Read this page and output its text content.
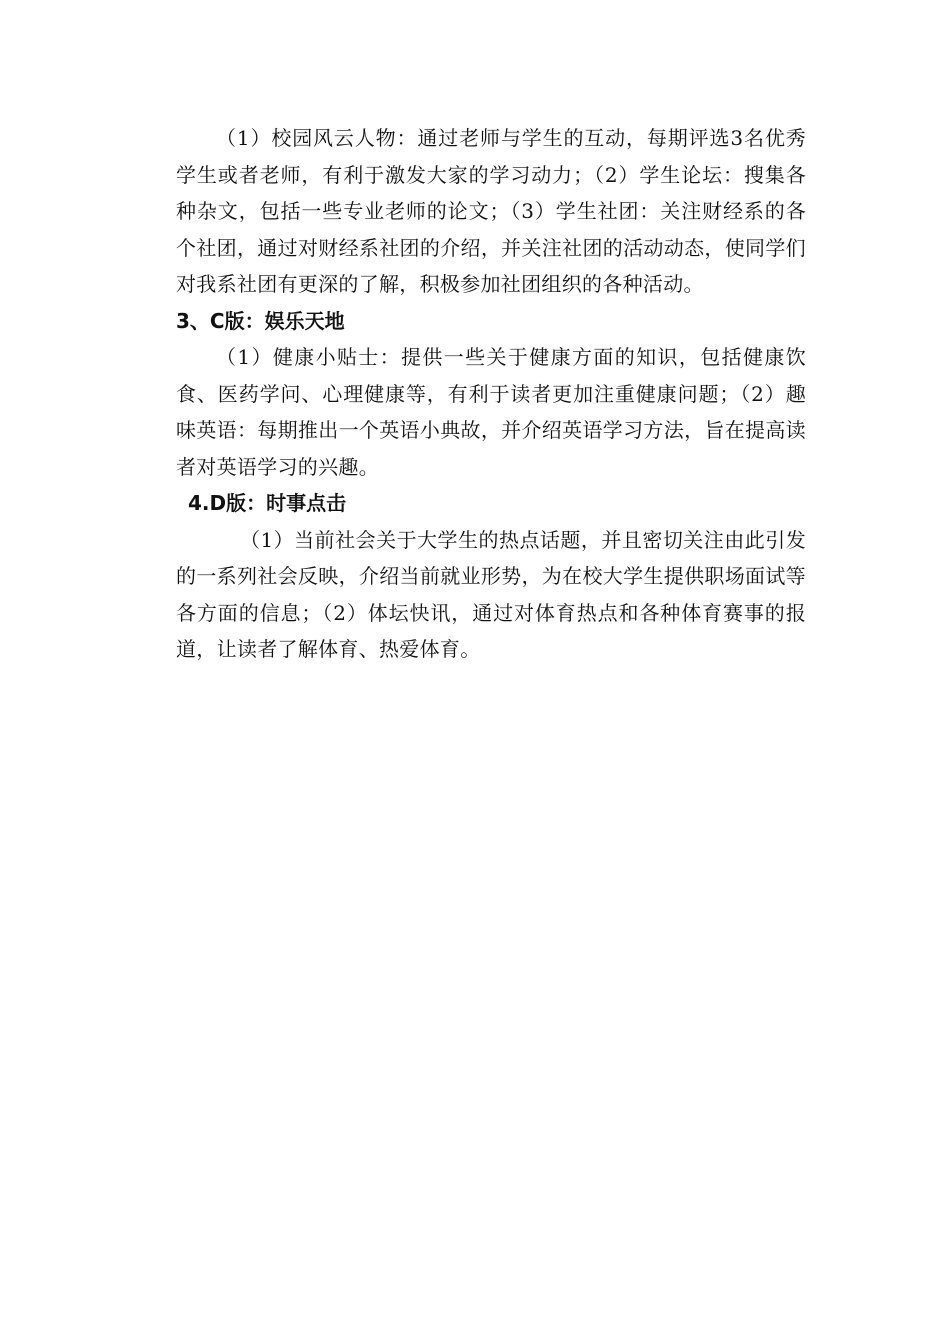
（1）校园风云人物：通过老师与学生的互动，每期评选3名优秀学生或者老师，有利于激发大家的学习动力；（2）学生论坛：搜集各种杂文，包括一些专业老师的论文；（3）学生社团：关注财经系的各个社团，通过对财经系社团的介绍，并关注社团的活动动态，使同学们对我系社团有更深的了解，积极参加社团组织的各种活动。

3、C版：娱乐天地

（1）健康小贴士：提供一些关于健康方面的知识，包括健康饮食、医药学问、心理健康等，有利于读者更加注重健康问题；（2）趣味英语：每期推出一个英语小典故，并介绍英语学习方法，旨在提高读者对英语学习的兴趣。

4.D版：时事点击

（1）当前社会关于大学生的热点话题，并且密切关注由此引发的一系列社会反映，介绍当前就业形势，为在校大学生提供职场面试等各方面的信息；（2）体坛快讯，通过对体育热点和各种体育赛事的报道，让读者了解体育、热爱体育。
